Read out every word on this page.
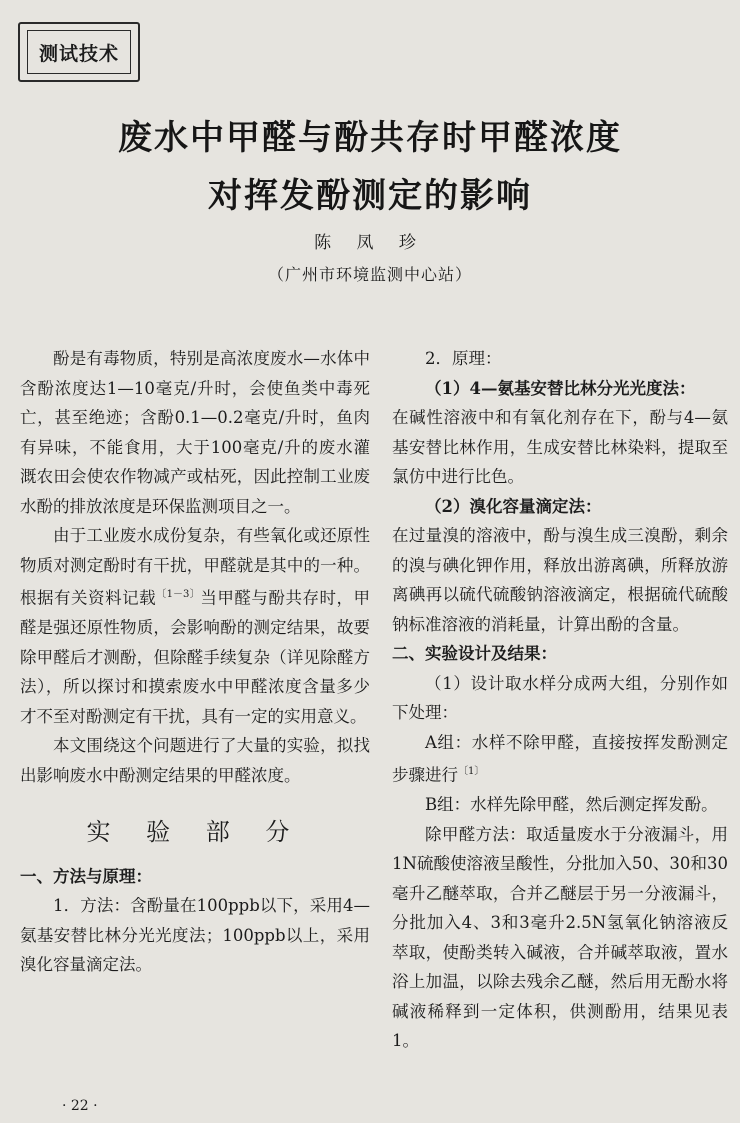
测试技术
废水中甲醛与酚共存时甲醛浓度
对挥发酚测定的影响
陈 凤 珍
（广州市环境监测中心站）

酚是有毒物质，特别是高浓度废水—水体中含酚浓度达1—10毫克/升时，会使鱼类中毒死亡，甚至绝迹；含酚0.1—0.2毫克/升时，鱼肉有异味，不能食用，大于100毫克/升的废水灌溉农田会使农作物减产或枯死，因此控制工业废水酚的排放浓度是环保监测项目之一。

由于工业废水成份复杂，有些氧化或还原性物质对测定酚时有干扰，甲醛就是其中的一种。根据有关资料记载$^{〔1-3〕}$当甲醛与酚共存时，甲醛是强还原性物质，会影响酚的测定结果，故要除甲醛后才测酚，但除醛手续复杂（详见除醛方法），所以探讨和摸索废水中甲醛浓度含量多少才不至对酚测定有干扰，具有一定的实用意义。

本文围绕这个问题进行了大量的实验，拟找出影响废水中酚测定结果的甲醛浓度。

实 验 部 分

一、方法与原理：

1．方法：含酚量在100ppb以下，采用4—氨基安替比林分光光度法；100ppb以上，采用溴化容量滴定法。

2．原理：

（1）4—氨基安替比林分光光度法：

在碱性溶液中和有氧化剂存在下，酚与4—氨基安替比林作用，生成安替比林染料，提取至氯仿中进行比色。

（2）溴化容量滴定法：

在过量溴的溶液中，酚与溴生成三溴酚，剩余的溴与碘化钾作用，释放出游离碘，所释放游离碘再以硫代硫酸钠溶液滴定，根据硫代硫酸钠标准溶液的消耗量，计算出酚的含量。

二、实验设计及结果：

（1）设计取水样分成两大组，分别作如下处理：

A组：水样不除甲醛，直接按挥发酚测定步骤进行$^{〔1〕}$

B组：水样先除甲醛，然后测定挥发酚。

除甲醛方法：取适量废水于分液漏斗，用1N硫酸使溶液呈酸性，分批加入50、30和30毫升乙醚萃取，合并乙醚层于另一分液漏斗，分批加入4、3和3毫升2.5N氢氧化钠溶液反萃取，使酚类转入碱液，合并碱萃取液，置水浴上加温，以除去残余乙醚，然后用无酚水将碱液稀释到一定体积，供测酚用，结果见表1。

· 22 ·
